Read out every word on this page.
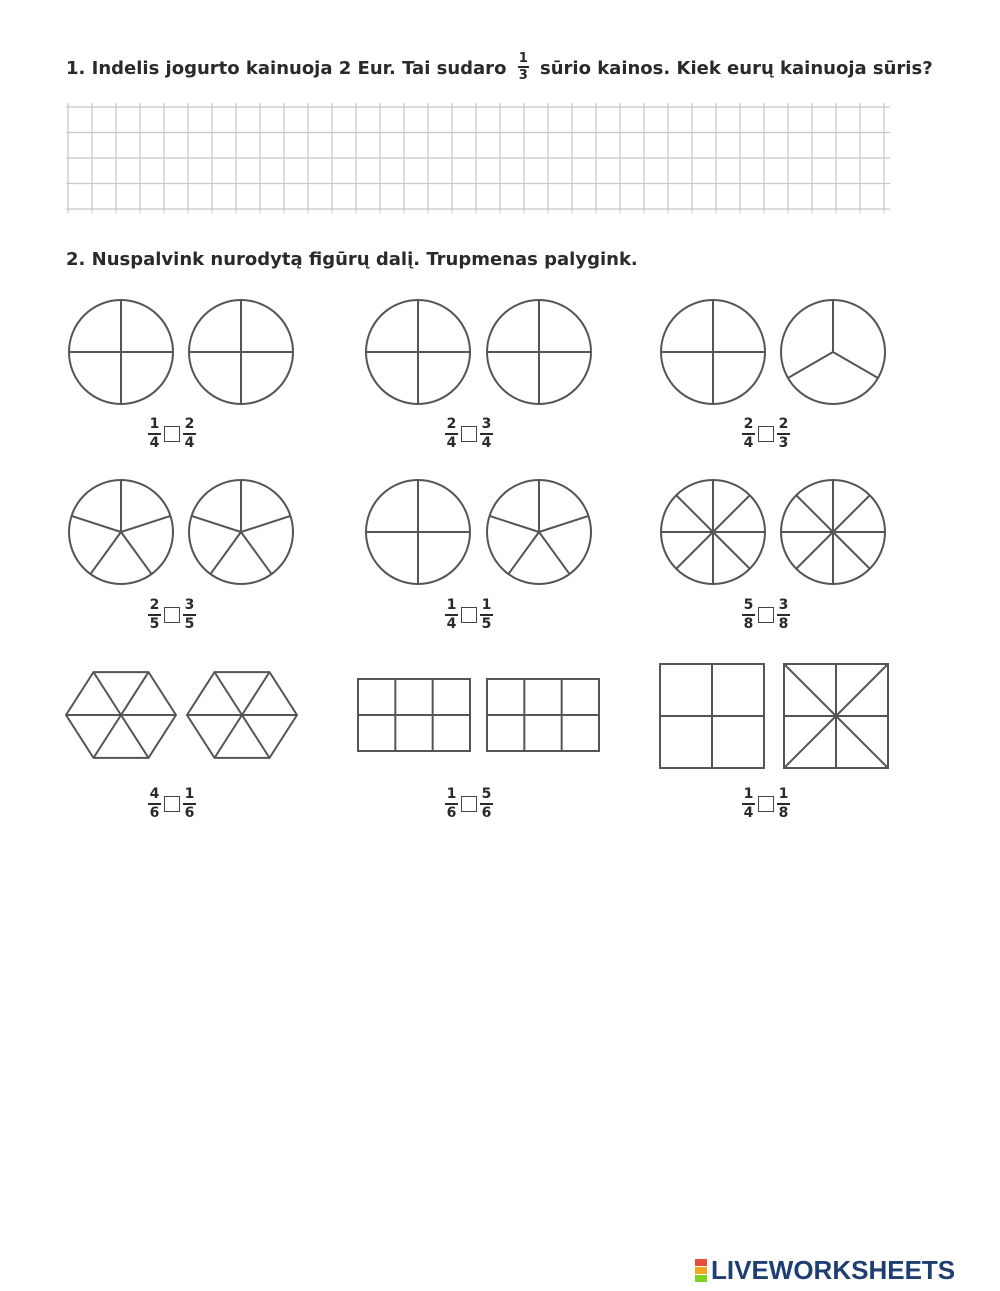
1. Indelis jogurto kainuoja 2 Eur. Tai sudaro $\frac{1}{3}$ sūrio kainos. Kiek eurų kainuoja sūris?
2. Nuspalvink nurodytą figūrų dalį. Trupmenas palygink.
$\frac{1}{4} \frac{2}{4}$	$\frac{2}{4} \frac{3}{4}$	$\frac{2}{4} \frac{2}{3}$
$\frac{2}{5} \frac{3}{5}$	$\frac{1}{4} \frac{1}{5}$	$\frac{5}{8} \frac{3}{8}$
$\frac{4}{6} \frac{1}{6}$	$\frac{1}{6} \frac{5}{6}$	$\frac{1}{4} \frac{1}{8}$
LIVEWORKSHEETS
